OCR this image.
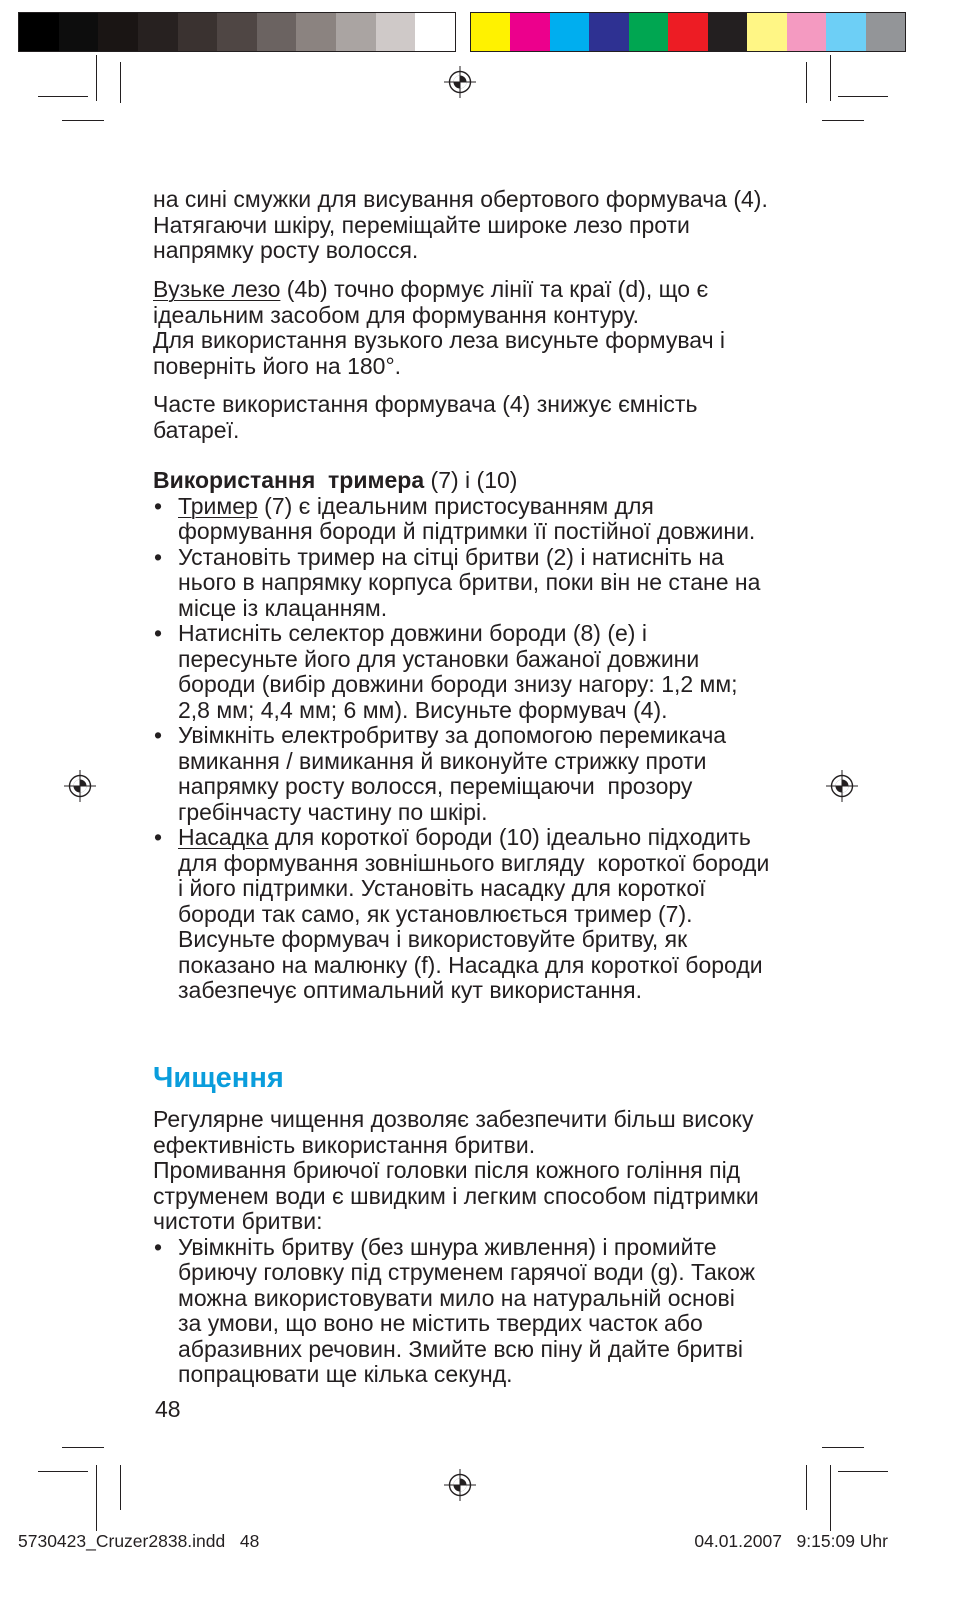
на сині смужки для висування обертового формувача (4).
Натягаючи шкіру, переміщайте широке лезо проти
напрямку росту волосся.
Вузьке лезо (4b) точно формує лінії та краї (d), що є
ідеальним засобом для формування контуру.
Для використання вузького леза висуньте формувач і
поверніть його на 180°.
Часте використання формувача (4) знижує ємність
батареї.
Використання  тримера (7) і (10)
• Тример (7) є ідеальним пристосуванням для
формування бороди й підтримки її постійної довжини.
• Установіть тример на сітці бритви (2) і натисніть на
нього в напрямку корпуса бритви, поки він не стане на
місце із клацанням.
• Натисніть селектор довжини бороди (8) (e) і
пересуньте його для установки бажаної довжини
бороди (вибір довжини бороди знизу нагору: 1,2 мм;
2,8 мм; 4,4 мм; 6 мм). Висуньте формувач (4).
• Увімкніть електробритву за допомогою перемикача
вмикання / вимикання й виконуйте стрижку проти
напрямку росту волосся, переміщаючи  прозору
гребінчасту частину по шкірі.
• Насадка для короткої бороди (10) ідеально підходить
для формування зовнішнього вигляду  короткої бороди
і його підтримки. Установіть насадку для короткої
бороди так само, як установлюється тример (7).
Висуньте формувач і використовуйте бритву, як
показано на малюнку (f). Насадка для короткої бороди
забезпечує оптимальний кут використання.
Чищення
Регулярне чищення дозволяє забезпечити більш високу
ефективність використання бритви.
Промивання бриючої головки після кожного гоління під
струменем води є швидким і легким способом підтримки
чистоти бритви:
• Увімкніть бритву (без шнура живлення) і промийте
бриючу головку під струменем гарячої води (g). Також
можна використовувати мило на натуральній основі
за умови, що воно не містить твердих часток або
абразивних речовин. Змийте всю піну й дайте бритві
попрацювати ще кілька секунд.
48
5730423_Cruzer2838.indd   48	04.01.2007   9:15:09 Uhr
